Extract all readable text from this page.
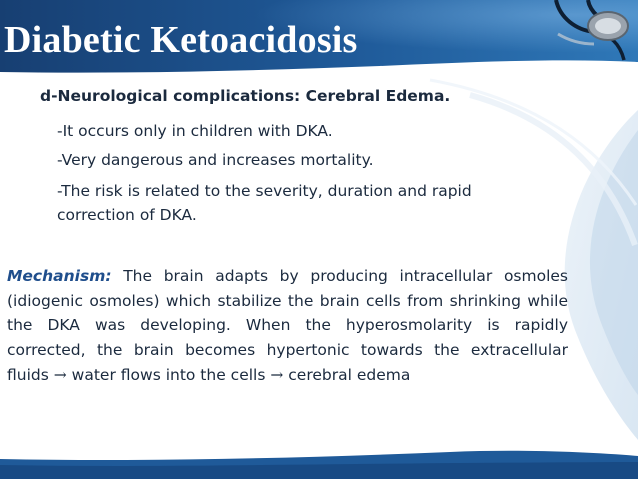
Diabetic Ketoacidosis
d-Neurological complications: Cerebral Edema.
-It occurs only in children with DKA.
-Very dangerous and increases mortality.
-The risk is related to the severity, duration and rapid
correction of DKA.
Mechanism: The brain adapts by producing intracellular osmoles (idiogenic osmoles) which stabilize the brain cells from shrinking while the DKA was developing. When the hyperosmolarity is rapidly corrected, the brain becomes hypertonic towards the extracellular fluids → water flows into the cells → cerebral edema
